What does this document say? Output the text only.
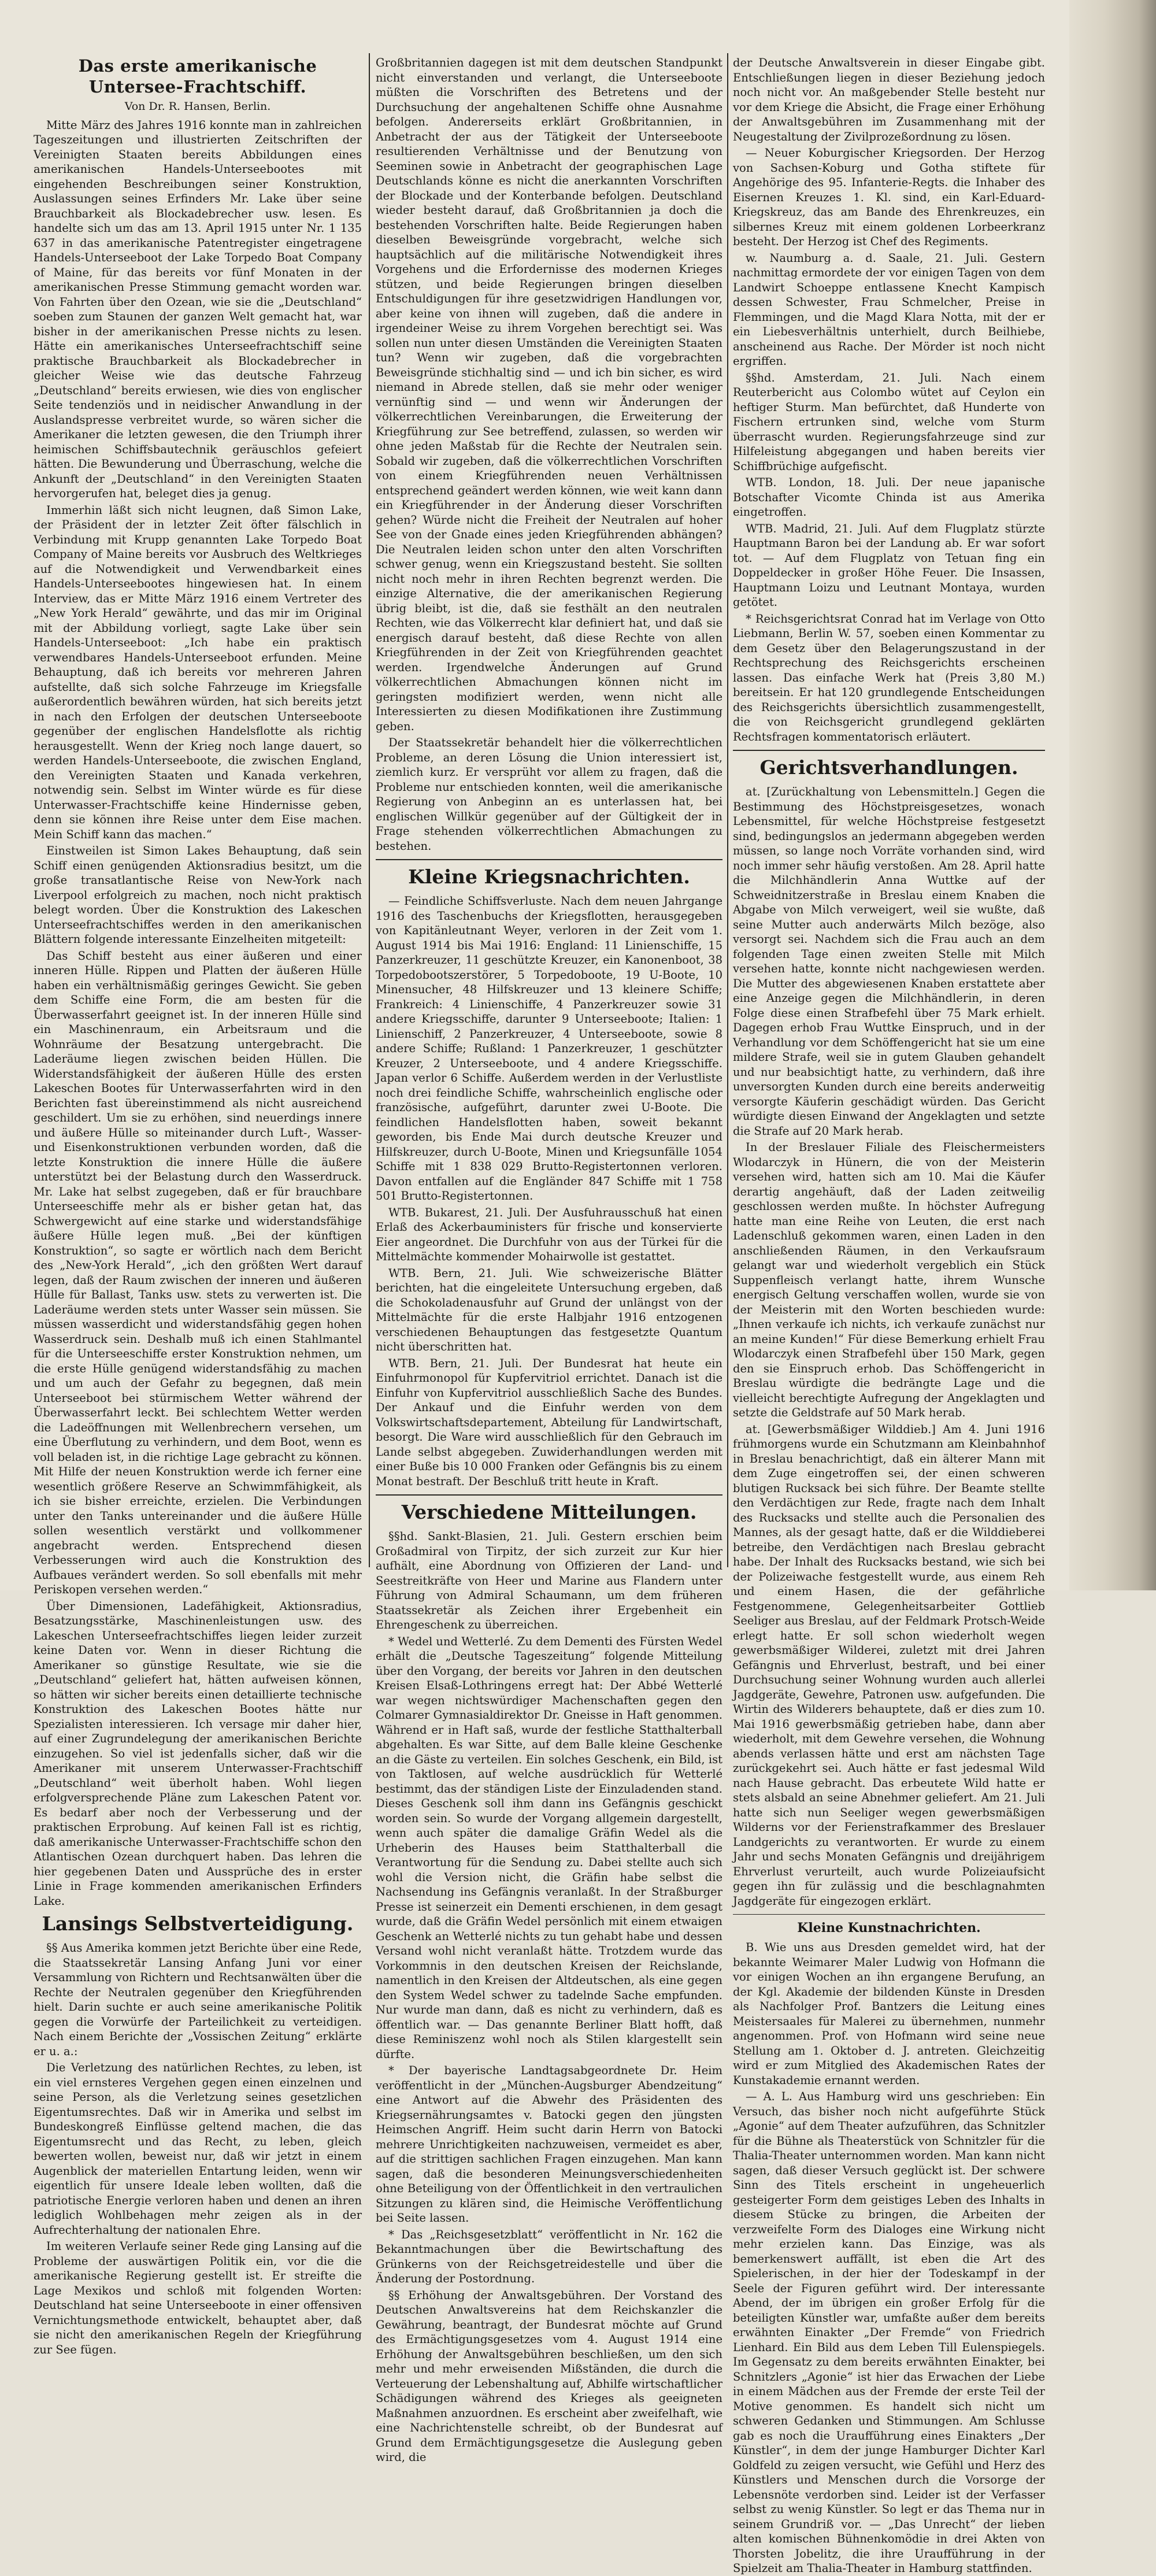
Das erste amerikanische Untersee-Frachtschiff.
Von Dr. R. Hansen, Berlin.

Mitte März des Jahres 1916 konnte man in zahlreichen Tageszeitungen und illustrierten Zeitschriften der Vereinigten Staaten bereits Abbildungen eines amerikanischen Handels-Unterseebootes mit eingehenden Beschreibungen seiner Konstruktion, Auslassungen seines Erfinders Mr. Lake über seine Brauchbarkeit als Blockadebrecher usw. lesen. Es handelte sich um das am 13. April 1915 unter Nr. 1 135 637 in das amerikanische Patentregister eingetragene Handels-Unterseeboot der Lake Torpedo Boat Company of Maine, für das bereits vor fünf Monaten in der amerikanischen Presse Stimmung gemacht worden war. Von Fahrten über den Ozean, wie sie die „Deutschland“ soeben zum Staunen der ganzen Welt gemacht hat, war bisher in der amerikanischen Presse nichts zu lesen. Hätte ein amerikanisches Unterseefrachtschiff seine praktische Brauchbarkeit als Blockadebrecher in gleicher Weise wie das deutsche Fahrzeug „Deutschland“ bereits erwiesen, wie dies von englischer Seite tendenziös und in neidischer Anwandlung in der Auslandspresse verbreitet wurde, so wären sicher die Amerikaner die letzten gewesen, die den Triumph ihrer heimischen Schiffsbautechnik geräuschlos gefeiert hätten. Die Bewunderung und Überraschung, welche die Ankunft der „Deutschland“ in den Vereinigten Staaten hervorgerufen hat, beleget dies ja genug.

Immerhin läßt sich nicht leugnen, daß Simon Lake, der Präsident der in letzter Zeit öfter fälschlich in Verbindung mit Krupp genannten Lake Torpedo Boat Company of Maine bereits vor Ausbruch des Weltkrieges auf die Notwendigkeit und Verwendbarkeit eines Handels-Unterseebootes hingewiesen hat. In einem Interview, das er Mitte März 1916 einem Vertreter des „New York Herald“ gewährte, und das mir im Original mit der Abbildung vorliegt, sagte Lake über sein Handels-Unterseeboot: „Ich habe ein praktisch verwendbares Handels-Unterseeboot erfunden. Meine Behauptung, daß ich bereits vor mehreren Jahren aufstellte, daß sich solche Fahrzeuge im Kriegsfalle außerordentlich bewähren würden, hat sich bereits jetzt in nach den Erfolgen der deutschen Unterseeboote gegenüber der englischen Handelsflotte als richtig herausgestellt. Wenn der Krieg noch lange dauert, so werden Handels-Unterseeboote, die zwischen England, den Vereinigten Staaten und Kanada verkehren, notwendig sein. Selbst im Winter würde es für diese Unterwasser-Frachtschiffe keine Hindernisse geben, denn sie können ihre Reise unter dem Eise machen. Mein Schiff kann das machen.“

Einstweilen ist Simon Lakes Behauptung, daß sein Schiff einen genügenden Aktionsradius besitzt, um die große transatlantische Reise von New-York nach Liverpool erfolgreich zu machen, noch nicht praktisch belegt worden. Über die Konstruktion des Lakeschen Unterseefrachtschiffes werden in den amerikanischen Blättern folgende interessante Einzelheiten mitgeteilt:

Das Schiff besteht aus einer äußeren und einer inneren Hülle. Rippen und Platten der äußeren Hülle haben ein verhältnismäßig geringes Gewicht. Sie geben dem Schiffe eine Form, die am besten für die Überwasserfahrt geeignet ist. In der inneren Hülle sind ein Maschinenraum, ein Arbeitsraum und die Wohnräume der Besatzung untergebracht. Die Laderäume liegen zwischen beiden Hüllen. Die Widerstandsfähigkeit der äußeren Hülle des ersten Lakeschen Bootes für Unterwasserfahrten wird in den Berichten fast übereinstimmend als nicht ausreichend geschildert. Um sie zu erhöhen, sind neuerdings innere und äußere Hülle so miteinander durch Luft-, Wasser- und Eisenkonstruktionen verbunden worden, daß die letzte Konstruktion die innere Hülle die äußere unterstützt bei der Belastung durch den Wasserdruck. Mr. Lake hat selbst zugegeben, daß er für brauchbare Unterseeschiffe mehr als er bisher getan hat, das Schwergewicht auf eine starke und widerstandsfähige äußere Hülle legen muß. „Bei der künftigen Konstruktion“, so sagte er wörtlich nach dem Bericht des „New-York Herald“, „ich den größten Wert darauf legen, daß der Raum zwischen der inneren und äußeren Hülle für Ballast, Tanks usw. stets zu verwerten ist. Die Laderäume werden stets unter Wasser sein müssen. Sie müssen wasserdicht und widerstandsfähig gegen hohen Wasserdruck sein. Deshalb muß ich einen Stahlmantel für die Unterseeschiffe erster Konstruktion nehmen, um die erste Hülle genügend widerstandsfähig zu machen und um auch der Gefahr zu begegnen, daß mein Unterseeboot bei stürmischem Wetter während der Überwasserfahrt leckt. Bei schlechtem Wetter werden die Ladeöffnungen mit Wellenbrechern versehen, um eine Überflutung zu verhindern, und dem Boot, wenn es voll beladen ist, in die richtige Lage gebracht zu können. Mit Hilfe der neuen Konstruktion werde ich ferner eine wesentlich größere Reserve an Schwimmfähigkeit, als ich sie bisher erreichte, erzielen. Die Verbindungen unter den Tanks untereinander und die äußere Hülle sollen wesentlich verstärkt und vollkommener angebracht werden. Entsprechend diesen Verbesserungen wird auch die Konstruktion des Aufbaues verändert werden. So soll ebenfalls mit mehr Periskopen versehen werden.“

Über Dimensionen, Ladefähigkeit, Aktionsradius, Besatzungsstärke, Maschinenleistungen usw. des Lakeschen Unterseefrachtschiffes liegen leider zurzeit keine Daten vor. Wenn in dieser Richtung die Amerikaner so günstige Resultate, wie sie die „Deutschland“ geliefert hat, hätten aufweisen können, so hätten wir sicher bereits einen detaillierte technische Konstruktion des Lakeschen Bootes hätte nur Spezialisten interessieren. Ich versage mir daher hier, auf einer Zugrundelegung der amerikanischen Berichte einzugehen. So viel ist jedenfalls sicher, daß wir die Amerikaner mit unserem Unterwasser-Frachtschiff „Deutschland“ weit überholt haben. Wohl liegen erfolgversprechende Pläne zum Lakeschen Patent vor. Es bedarf aber noch der Verbesserung und der praktischen Erprobung. Auf keinen Fall ist es richtig, daß amerikanische Unterwasser-Frachtschiffe schon den Atlantischen Ozean durchquert haben. Das lehren die hier gegebenen Daten und Aussprüche des in erster Linie in Frage kommenden amerikanischen Erfinders Lake.

Lansings Selbstverteidigung.

§§ Aus Amerika kommen jetzt Berichte über eine Rede, die Staatssekretär Lansing Anfang Juni vor einer Versammlung von Richtern und Rechtsanwälten über die Rechte der Neutralen gegenüber den Kriegführenden hielt. Darin suchte er auch seine amerikanische Politik gegen die Vorwürfe der Parteilichkeit zu verteidigen. Nach einem Berichte der „Vossischen Zeitung“ erklärte er u. a.:

Die Verletzung des natürlichen Rechtes, zu leben, ist ein viel ernsteres Vergehen gegen einen einzelnen und seine Person, als die Verletzung seines gesetzlichen Eigentumsrechtes. Daß wir in Amerika und selbst im Bundeskongreß Einflüsse geltend machen, die das Eigentumsrecht und das Recht, zu leben, gleich bewerten wollen, beweist nur, daß wir jetzt in einem Augenblick der materiellen Entartung leiden, wenn wir eigentlich für unsere Ideale leben wollten, daß die patriotische Energie verloren haben und denen an ihren lediglich Wohlbehagen mehr zeigen als in der Aufrechterhaltung der nationalen Ehre.

Im weiteren Verlaufe seiner Rede ging Lansing auf die Probleme der auswärtigen Politik ein, vor die die amerikanische Regierung gestellt ist. Er streifte die Lage Mexikos und schloß mit folgenden Worten: Deutschland hat seine Unterseeboote in einer offensiven Vernichtungsmethode entwickelt, behauptet aber, daß sie nicht den amerikanischen Regeln der Kriegführung zur See fügen.

Großbritannien dagegen ist mit dem deutschen Standpunkt nicht einverstanden und verlangt, die Unterseeboote müßten die Vorschriften des Betretens und der Durchsuchung der angehaltenen Schiffe ohne Ausnahme befolgen. Andererseits erklärt Großbritannien, in Anbetracht der aus der Tätigkeit der Unterseeboote resultierenden Verhältnisse und der Benutzung von Seeminen sowie in Anbetracht der geographischen Lage Deutschlands könne es nicht die anerkannten Vorschriften der Blockade und der Konterbande befolgen. Deutschland wieder besteht darauf, daß Großbritannien ja doch die bestehenden Vorschriften halte. Beide Regierungen haben dieselben Beweisgründe vorgebracht, welche sich hauptsächlich auf die militärische Notwendigkeit ihres Vorgehens und die Erfordernisse des modernen Krieges stützen, und beide Regierungen bringen dieselben Entschuldigungen für ihre gesetzwidrigen Handlungen vor, aber keine von ihnen will zugeben, daß die andere in irgendeiner Weise zu ihrem Vorgehen berechtigt sei. Was sollen nun unter diesen Umständen die Vereinigten Staaten tun? Wenn wir zugeben, daß die vorgebrachten Beweisgründe stichhaltig sind — und ich bin sicher, es wird niemand in Abrede stellen, daß sie mehr oder weniger vernünftig sind — und wenn wir Änderungen der völkerrechtlichen Vereinbarungen, die Erweiterung der Kriegführung zur See betreffend, zulassen, so werden wir ohne jeden Maßstab für die Rechte der Neutralen sein. Sobald wir zugeben, daß die völkerrechtlichen Vorschriften von einem Kriegführenden neuen Verhältnissen entsprechend geändert werden können, wie weit kann dann ein Kriegführender in der Änderung dieser Vorschriften gehen? Würde nicht die Freiheit der Neutralen auf hoher See von der Gnade eines jeden Kriegführenden abhängen? Die Neutralen leiden schon unter den alten Vorschriften schwer genug, wenn ein Kriegszustand besteht. Sie sollten nicht noch mehr in ihren Rechten begrenzt werden. Die einzige Alternative, die der amerikanischen Regierung übrig bleibt, ist die, daß sie festhält an den neutralen Rechten, wie das Völkerrecht klar definiert hat, und daß sie energisch darauf besteht, daß diese Rechte von allen Kriegführenden in der Zeit von Kriegführenden geachtet werden. Irgendwelche Änderungen auf Grund völkerrechtlichen Abmachungen können nicht im geringsten modifiziert werden, wenn nicht alle Interessierten zu diesen Modifikationen ihre Zustimmung geben.

Der Staatssekretär behandelt hier die völkerrechtlichen Probleme, an deren Lösung die Union interessiert ist, ziemlich kurz. Er versprüht vor allem zu fragen, daß die Probleme nur entschieden konnten, weil die amerikanische Regierung von Anbeginn an es unterlassen hat, bei englischen Willkür gegenüber auf der Gültigkeit der in Frage stehenden völkerrechtlichen Abmachungen zu bestehen.

Kleine Kriegsnachrichten.

— Feindliche Schiffsverluste. Nach dem neuen Jahrgange 1916 des Taschenbuchs der Kriegsflotten, herausgegeben von Kapitänleutnant Weyer, verloren in der Zeit vom 1. August 1914 bis Mai 1916: England: 11 Linienschiffe, 15 Panzerkreuzer, 11 geschützte Kreuzer, ein Kanonenboot, 38 Torpedobootszerstörer, 5 Torpedoboote, 19 U-Boote, 10 Minensucher, 48 Hilfskreuzer und 13 kleinere Schiffe; Frankreich: 4 Linienschiffe, 4 Panzerkreuzer sowie 31 andere Kriegsschiffe, darunter 9 Unterseeboote; Italien: 1 Linienschiff, 2 Panzerkreuzer, 4 Unterseeboote, sowie 8 andere Schiffe; Rußland: 1 Panzerkreuzer, 1 geschützter Kreuzer, 2 Unterseeboote, und 4 andere Kriegsschiffe. Japan verlor 6 Schiffe. Außerdem werden in der Verlustliste noch drei feindliche Schiffe, wahrscheinlich englische oder französische, aufgeführt, darunter zwei U-Boote. Die feindlichen Handelsflotten haben, soweit bekannt geworden, bis Ende Mai durch deutsche Kreuzer und Hilfskreuzer, durch U-Boote, Minen und Kriegsunfälle 1054 Schiffe mit 1 838 029 Brutto-Registertonnen verloren. Davon entfallen auf die Engländer 847 Schiffe mit 1 758 501 Brutto-Registertonnen.

WTB. Bukarest, 21. Juli. Der Ausfuhrausschuß hat einen Erlaß des Ackerbauministers für frische und konservierte Eier angeordnet. Die Durchfuhr von aus der Türkei für die Mittelmächte kommender Mohairwolle ist gestattet.

WTB. Bern, 21. Juli. Wie schweizerische Blätter berichten, hat die eingeleitete Untersuchung ergeben, daß die Schokoladenausfuhr auf Grund der unlängst von der Mittelmächte für die erste Halbjahr 1916 entzogenen verschiedenen Behauptungen das festgesetzte Quantum nicht überschritten hat.

WTB. Bern, 21. Juli. Der Bundesrat hat heute ein Einfuhrmonopol für Kupfervitriol errichtet. Danach ist die Einfuhr von Kupfervitriol ausschließlich Sache des Bundes. Der Ankauf und die Einfuhr werden von dem Volkswirtschaftsdepartement, Abteilung für Landwirtschaft, besorgt. Die Ware wird ausschließlich für den Gebrauch im Lande selbst abgegeben. Zuwiderhandlungen werden mit einer Buße bis 10 000 Franken oder Gefängnis bis zu einem Monat bestraft. Der Beschluß tritt heute in Kraft.

Verschiedene Mitteilungen.

§§hd. Sankt-Blasien, 21. Juli. Gestern erschien beim Großadmiral von Tirpitz, der sich zurzeit zur Kur hier aufhält, eine Abordnung von Offizieren der Land- und Seestreitkräfte von Heer und Marine aus Flandern unter Führung von Admiral Schaumann, um dem früheren Staatssekretär als Zeichen ihrer Ergebenheit ein Ehrengeschenk zu überreichen.

* Wedel und Wetterlé. Zu dem Dementi des Fürsten Wedel erhält die „Deutsche Tageszeitung“ folgende Mitteilung über den Vorgang, der bereits vor Jahren in den deutschen Kreisen Elsaß-Lothringens erregt hat: Der Abbé Wetterlé war wegen nichtswürdiger Machenschaften gegen den Colmarer Gymnasialdirektor Dr. Gneisse in Haft genommen. Während er in Haft saß, wurde der festliche Statthalterball abgehalten. Es war Sitte, auf dem Balle kleine Geschenke an die Gäste zu verteilen. Ein solches Geschenk, ein Bild, ist von Taktlosen, auf welche ausdrücklich für Wetterlé bestimmt, das der ständigen Liste der Einzuladenden stand. Dieses Geschenk soll ihm dann ins Gefängnis geschickt worden sein. So wurde der Vorgang allgemein dargestellt, wenn auch später die damalige Gräfin Wedel als die Urheberin des Hauses beim Statthalterball die Verantwortung für die Sendung zu. Dabei stellte auch sich wohl die Version nicht, die Gräfin habe selbst die Nachsendung ins Gefängnis veranlaßt. In der Straßburger Presse ist seinerzeit ein Dementi erschienen, in dem gesagt wurde, daß die Gräfin Wedel persönlich mit einem etwaigen Geschenk an Wetterlé nichts zu tun gehabt habe und dessen Versand wohl nicht veranlaßt hätte. Trotzdem wurde das Vorkommnis in den deutschen Kreisen der Reichslande, namentlich in den Kreisen der Altdeutschen, als eine gegen den System Wedel schwer zu tadelnde Sache empfunden. Nur wurde man dann, daß es nicht zu verhindern, daß es öffentlich war. — Das genannte Berliner Blatt hofft, daß diese Reminiszenz wohl noch als Stilen klargestellt sein dürfte.

* Der bayerische Landtagsabgeordnete Dr. Heim veröffentlicht in der „München-Augsburger Abendzeitung“ eine Antwort auf die Abwehr des Präsidenten des Kriegsernährungsamtes v. Batocki gegen den jüngsten Heimschen Angriff. Heim sucht darin Herrn von Batocki mehrere Unrichtigkeiten nachzuweisen, vermeidet es aber, auf die strittigen sachlichen Fragen einzugehen. Man kann sagen, daß die besonderen Meinungsverschiedenheiten ohne Beteiligung von der Öffentlichkeit in den vertraulichen Sitzungen zu klären sind, die Heimische Veröffentlichung bei Seite lassen.

* Das „Reichsgesetzblatt“ veröffentlicht in Nr. 162 die Bekanntmachungen über die Bewirtschaftung des Grünkerns von der Reichsgetreidestelle und über die Änderung der Postordnung.

§§ Erhöhung der Anwaltsgebühren. Der Vorstand des Deutschen Anwaltsvereins hat dem Reichskanzler die Gewährung, beantragt, der Bundesrat möchte auf Grund des Ermächtigungsgesetzes vom 4. August 1914 eine Erhöhung der Anwaltsgebühren beschließen, um den sich mehr und mehr erweisenden Mißständen, die durch die Verteuerung der Lebenshaltung auf, Abhilfe wirtschaftlicher Schädigungen während des Krieges als geeigneten Maßnahmen anzuordnen. Es erscheint aber zweifelhaft, wie eine Nachrichtenstelle schreibt, ob der Bundesrat auf Grund dem Ermächtigungsgesetze die Auslegung geben wird, die

der Deutsche Anwaltsverein in dieser Eingabe gibt. Entschließungen liegen in dieser Beziehung jedoch noch nicht vor. An maßgebender Stelle besteht nur vor dem Kriege die Absicht, die Frage einer Erhöhung der Anwaltsgebühren im Zusammenhang mit der Neugestaltung der Zivilprozeßordnung zu lösen.

— Neuer Koburgischer Kriegsorden. Der Herzog von Sachsen-Koburg und Gotha stiftete für Angehörige des 95. Infanterie-Regts. die Inhaber des Eisernen Kreuzes 1. Kl. sind, ein Karl-Eduard-Kriegskreuz, das am Bande des Ehrenkreuzes, ein silbernes Kreuz mit einem goldenen Lorbeerkranz besteht. Der Herzog ist Chef des Regiments.

w. Naumburg a. d. Saale, 21. Juli. Gestern nachmittag ermordete der vor einigen Tagen von dem Landwirt Schoeppe entlassene Knecht Kampisch dessen Schwester, Frau Schmelcher, Preise in Flemmingen, und die Magd Klara Notta, mit der er ein Liebesverhältnis unterhielt, durch Beilhiebe, anscheinend aus Rache. Der Mörder ist noch nicht ergriffen.

§§hd. Amsterdam, 21. Juli. Nach einem Reuterbericht aus Colombo wütet auf Ceylon ein heftiger Sturm. Man befürchtet, daß Hunderte von Fischern ertrunken sind, welche vom Sturm überrascht wurden. Regierungsfahrzeuge sind zur Hilfeleistung abgegangen und haben bereits vier Schiffbrüchige aufgefischt.

WTB. London, 18. Juli. Der neue japanische Botschafter Vicomte Chinda ist aus Amerika eingetroffen.

WTB. Madrid, 21. Juli. Auf dem Flugplatz stürzte Hauptmann Baron bei der Landung ab. Er war sofort tot. — Auf dem Flugplatz von Tetuan fing ein Doppeldecker in großer Höhe Feuer. Die Insassen, Hauptmann Loizu und Leutnant Montaya, wurden getötet.

* Reichsgerichtsrat Conrad hat im Verlage von Otto Liebmann, Berlin W. 57, soeben einen Kommentar zu dem Gesetz über den Belagerungszustand in der Rechtsprechung des Reichsgerichts erscheinen lassen. Das einfache Werk hat (Preis 3,80 M.) bereitsein. Er hat 120 grundlegende Entscheidungen des Reichsgerichts übersichtlich zusammengestellt, die von Reichsgericht grundlegend geklärten Rechtsfragen kommentatorisch erläutert.

Gerichtsverhandlungen.

at. [Zurückhaltung von Lebensmitteln.] Gegen die Bestimmung des Höchstpreisgesetzes, wonach Lebensmittel, für welche Höchstpreise festgesetzt sind, bedingungslos an jedermann abgegeben werden müssen, so lange noch Vorräte vorhanden sind, wird noch immer sehr häufig verstoßen. Am 28. April hatte die Milchhändlerin Anna Wuttke auf der Schweidnitzerstraße in Breslau einem Knaben die Abgabe von Milch verweigert, weil sie wußte, daß seine Mutter auch anderwärts Milch bezöge, also versorgt sei. Nachdem sich die Frau auch an dem folgenden Tage einen zweiten Stelle mit Milch versehen hatte, konnte nicht nachgewiesen werden. Die Mutter des abgewiesenen Knaben erstattete aber eine Anzeige gegen die Milchhändlerin, in deren Folge diese einen Strafbefehl über 75 Mark erhielt. Dagegen erhob Frau Wuttke Einspruch, und in der Verhandlung vor dem Schöffengericht hat sie um eine mildere Strafe, weil sie in gutem Glauben gehandelt und nur beabsichtigt hatte, zu verhindern, daß ihre unversorgten Kunden durch eine bereits anderweitig versorgte Käuferin geschädigt würden. Das Gericht würdigte diesen Einwand der Angeklagten und setzte die Strafe auf 20 Mark herab.

In der Breslauer Filiale des Fleischermeisters Wlodarczyk in Hünern, die von der Meisterin versehen wird, hatten sich am 10. Mai die Käufer derartig angehäuft, daß der Laden zeitweilig geschlossen werden mußte. In höchster Aufregung hatte man eine Reihe von Leuten, die erst nach Ladenschluß gekommen waren, einen Laden in den anschließenden Räumen, in den Verkaufsraum gelangt war und wiederholt vergeblich ein Stück Suppenfleisch verlangt hatte, ihrem Wunsche energisch Geltung verschaffen wollen, wurde sie von der Meisterin mit den Worten beschieden wurde: „Ihnen verkaufe ich nichts, ich verkaufe zunächst nur an meine Kunden!“ Für diese Bemerkung erhielt Frau Wlodarczyk einen Strafbefehl über 150 Mark, gegen den sie Einspruch erhob. Das Schöffengericht in Breslau würdigte die bedrängte Lage und die vielleicht berechtigte Aufregung der Angeklagten und setzte die Geldstrafe auf 50 Mark herab.

at. [Gewerbsmäßiger Wilddieb.] Am 4. Juni 1916 frühmorgens wurde ein Schutzmann am Kleinbahnhof in Breslau benachrichtigt, daß ein älterer Mann mit dem Zuge eingetroffen sei, der einen schweren blutigen Rucksack bei sich führe. Der Beamte stellte den Verdächtigen zur Rede, fragte nach dem Inhalt des Rucksacks und stellte auch die Personalien des Mannes, als der gesagt hatte, daß er die Wilddieberei betreibe, den Verdächtigen nach Breslau gebracht habe. Der Inhalt des Rucksacks bestand, wie sich bei der Polizeiwache festgestellt wurde, aus einem Reh und einem Hasen, die der gefährliche Festgenommene, Gelegenheitsarbeiter Gottlieb Seeliger aus Breslau, auf der Feldmark Protsch-Weide erlegt hatte. Er soll schon wiederholt wegen gewerbsmäßiger Wilderei, zuletzt mit drei Jahren Gefängnis und Ehrverlust, bestraft, und bei einer Durchsuchung seiner Wohnung wurden auch allerlei Jagdgeräte, Gewehre, Patronen usw. aufgefunden. Die Wirtin des Wilderers behauptete, daß er dies zum 10. Mai 1916 gewerbsmäßig getrieben habe, dann aber wiederholt, mit dem Gewehre versehen, die Wohnung abends verlassen hätte und erst am nächsten Tage zurückgekehrt sei. Auch hätte er fast jedesmal Wild nach Hause gebracht. Das erbeutete Wild hatte er stets alsbald an seine Abnehmer geliefert. Am 21. Juli hatte sich nun Seeliger wegen gewerbsmäßigen Wilderns vor der Ferienstrafkammer des Breslauer Landgerichts zu verantworten. Er wurde zu einem Jahr und sechs Monaten Gefängnis und dreijährigem Ehrverlust verurteilt, auch wurde Polizeiaufsicht gegen ihn für zulässig und die beschlagnahmten Jagdgeräte für eingezogen erklärt.

Kleine Kunstnachrichten.

B. Wie uns aus Dresden gemeldet wird, hat der bekannte Weimarer Maler Ludwig von Hofmann die vor einigen Wochen an ihn ergangene Berufung, an der Kgl. Akademie der bildenden Künste in Dresden als Nachfolger Prof. Bantzers die Leitung eines Meistersaales für Malerei zu übernehmen, nunmehr angenommen. Prof. von Hofmann wird seine neue Stellung am 1. Oktober d. J. antreten. Gleichzeitig wird er zum Mitglied des Akademischen Rates der Kunstakademie ernannt werden.

— A. L. Aus Hamburg wird uns geschrieben: Ein Versuch, das bisher noch nicht aufgeführte Stück „Agonie“ auf dem Theater aufzuführen, das Schnitzler für die Bühne als Theaterstück von Schnitzler für die Thalia-Theater unternommen worden. Man kann nicht sagen, daß dieser Versuch geglückt ist. Der schwere Sinn des Titels erscheint in ungeheuerlich gesteigerter Form dem geistiges Leben des Inhalts in diesem Stücke zu bringen, die Arbeiten der verzweifelte Form des Dialoges eine Wirkung nicht mehr erzielen kann. Das Einzige, was als bemerkenswert auffällt, ist eben die Art des Spielerischen, in der hier der Todeskampf in der Seele der Figuren geführt wird. Der interessante Abend, der im übrigen ein großer Erfolg für die beteiligten Künstler war, umfaßte außer dem bereits erwähnten Einakter „Der Fremde“ von Friedrich Lienhard. Ein Bild aus dem Leben Till Eulenspiegels. Im Gegensatz zu dem bereits erwähnten Einakter, bei Schnitzlers „Agonie“ ist hier das Erwachen der Liebe in einem Mädchen aus der Fremde der erste Teil der Motive genommen. Es handelt sich nicht um schweren Gedanken und Stimmungen. Am Schlusse gab es noch die Uraufführung eines Einakters „Der Künstler“, in dem der junge Hamburger Dichter Karl Goldfeld zu zeigen versucht, wie Gefühl und Herz des Künstlers und Menschen durch die Vorsorge der Lebensnöte verdorben sind. Leider ist der Verfasser selbst zu wenig Künstler. So legt er das Thema nur in seinem Grundriß vor. — „Das Unrecht“ der lieben alten komischen Bühnenkomödie in drei Akten von Thorsten Jobelitz, die ihre Uraufführung in der Spielzeit am Thalia-Theater in Hamburg stattfinden.
